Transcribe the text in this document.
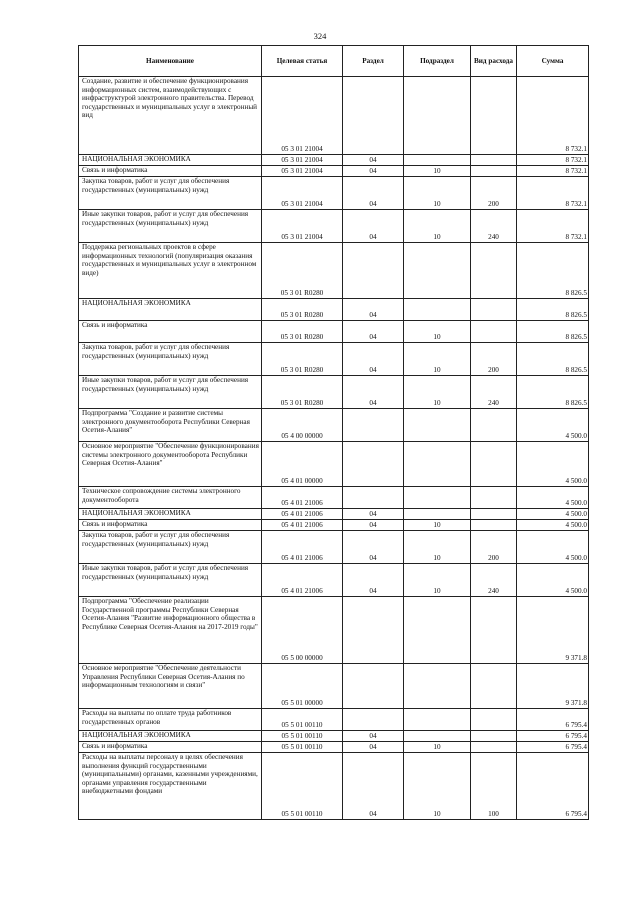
324
Наименование	Целевая статья	Раздел	Подраздел	Вид расхода	Сумма
Создание, развитие и обеспечение функционирования информационных систем, взаимодействующих с инфраструктурой электронного правительства. Перевод государственных и муниципальных услуг в электронный вид	05 3 01 21004				8 732.1
НАЦИОНАЛЬНАЯ ЭКОНОМИКА	05 3 01 21004	04			8 732.1
Связь и информатика	05 3 01 21004	04	10		8 732.1
Закупка товаров, работ и услуг для обеспечения государственных (муниципальных) нужд	05 3 01 21004	04	10	200	8 732.1
Иные закупки товаров, работ и услуг для обеспечения государственных (муниципальных) нужд	05 3 01 21004	04	10	240	8 732.1
Поддержка региональных проектов в сфере информационных технологий (популяризация оказания государственных и муниципальных услуг в электронном виде)	05 3 01 R0280				8 826.5
НАЦИОНАЛЬНАЯ ЭКОНОМИКА	05 3 01 R0280	04			8 826.5
Связь и информатика	05 3 01 R0280	04	10		8 826.5
Закупка товаров, работ и услуг для обеспечения государственных (муниципальных) нужд	05 3 01 R0280	04	10	200	8 826.5
Иные закупки товаров, работ и услуг для обеспечения государственных (муниципальных) нужд	05 3 01 R0280	04	10	240	8 826.5
Подпрограмма "Создание и развитие системы электронного документооборота Республики Северная Осетия-Алания"	05 4 00 00000				4 500.0
Основное мероприятие "Обеспечение функционирования системы электронного документооборота Республики Северная Осетия-Алания"	05 4 01 00000				4 500.0
Техническое сопровождение системы электронного документооборота	05 4 01 21006				4 500.0
НАЦИОНАЛЬНАЯ ЭКОНОМИКА	05 4 01 21006	04			4 500.0
Связь и информатика	05 4 01 21006	04	10		4 500.0
Закупка товаров, работ и услуг для обеспечения государственных (муниципальных) нужд	05 4 01 21006	04	10	200	4 500.0
Иные закупки товаров, работ и услуг для обеспечения государственных (муниципальных) нужд	05 4 01 21006	04	10	240	4 500.0
Подпрограмма "Обеспечение реализации Государственной программы Республики Северная Осетия-Алания "Развитие информационного общества в Республике Северная Осетия-Алания на 2017-2019 годы"	05 5 00 00000				9 371.8
Основное мероприятие "Обеспечение деятельности Управления Республики Северная Осетия-Алания по информационным технологиям и связи"	05 5 01 00000				9 371.8
Расходы на выплаты по оплате труда работников государственных органов	05 5 01 00110				6 795.4
НАЦИОНАЛЬНАЯ ЭКОНОМИКА	05 5 01 00110	04			6 795.4
Связь и информатика	05 5 01 00110	04	10		6 795.4
Расходы на выплаты персоналу в целях обеспечения выполнения функций государственными (муниципальными) органами, казенными учреждениями, органами управления государственными внебюджетными фондами	05 5 01 00110	04	10	100	6 795.4
